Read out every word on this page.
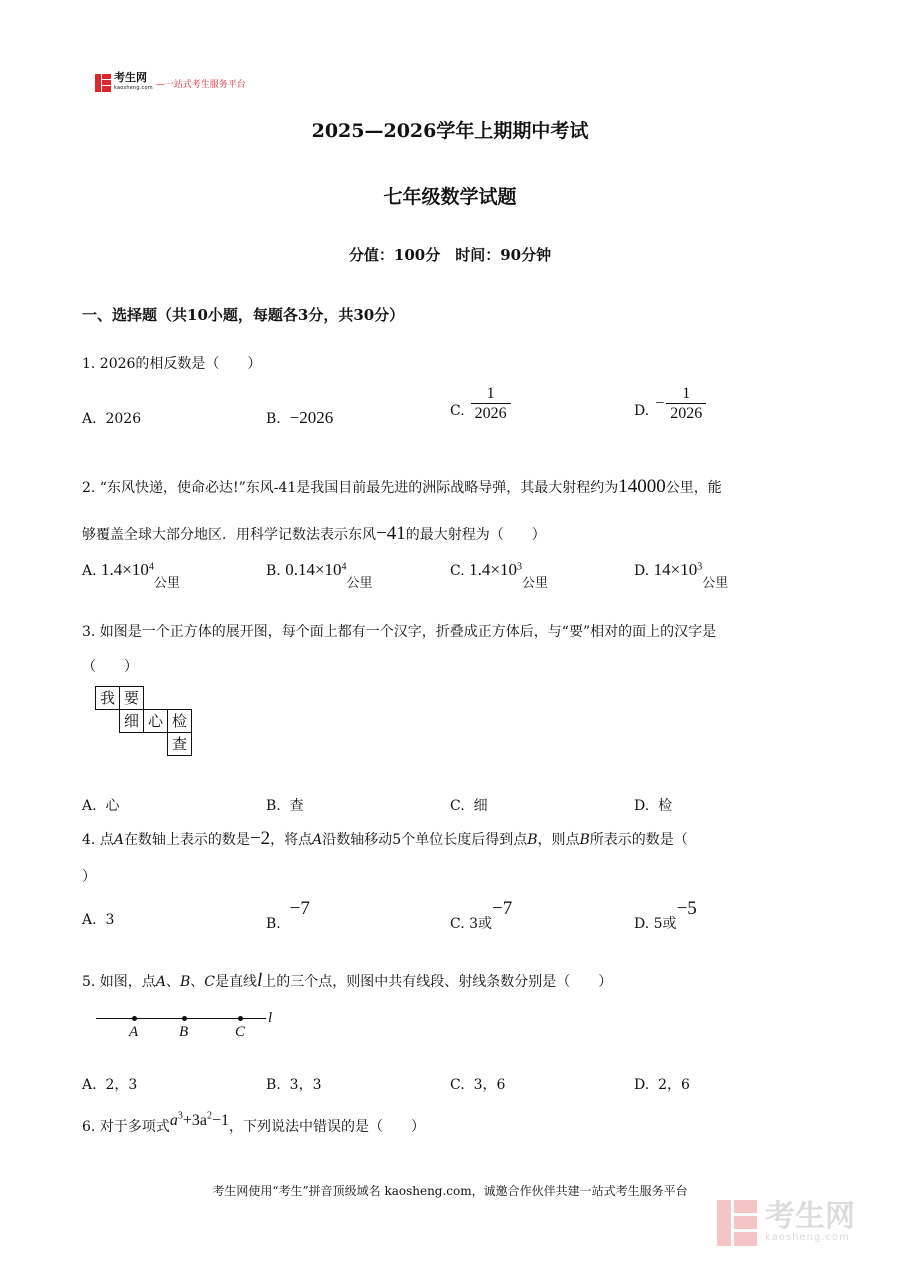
考生网
kaosheng.com —一站式考生服务平台
2025—2026学年上期期中考试
七年级数学试题
分值：100分　时间：90分钟
一、选择题（共10小题，每题各3分，共30分）
1. 2026的相反数是（　　）
A. 2026	B. −2026	C. $\frac{1}{2026}$	D. − $\frac{1}{2026}$
2. “东风快递，使命必达!”东风-41是我国目前最先进的洲际战略导弹，其最大射程约为14000公里，能
够覆盖全球大部分地区．用科学记数法表示东风−41的最大射程为（　　）
A. $1.4\times 10^4$公里
B. $0.14\times 10^4$公里
C. $1.4\times 10^3$公里
D. $14\times 10^3$公里
3. 如图是一个正方体的展开图，每个面上都有一个汉字，折叠成正方体后，与“要”相对的面上的汉字是
（　　）
我 要
细 心 检
查
A. 心	B. 查	C. 细	D. 检
4. 点A在数轴上表示的数是−2，将点A沿数轴移动5个单位长度后得到点B，则点B所表示的数是（
）
A. 3	B.  −7
C. 3或−7
D. 5或−5
5. 如图，点A、B、C是直线l上的三个点，则图中共有线段、射线条数分别是（　　）
A	B	C
l
A. 2，3	B. 3，3	C. 3，6	D. 2，6
6. 对于多项式$a^3+3a^2-1$，下列说法中错误的是（　　）
考生网使用“考生”拼音顶级域名 kaosheng.com，诚邀合作伙伴共建一站式考生服务平台
考生网
kaosheng.com
